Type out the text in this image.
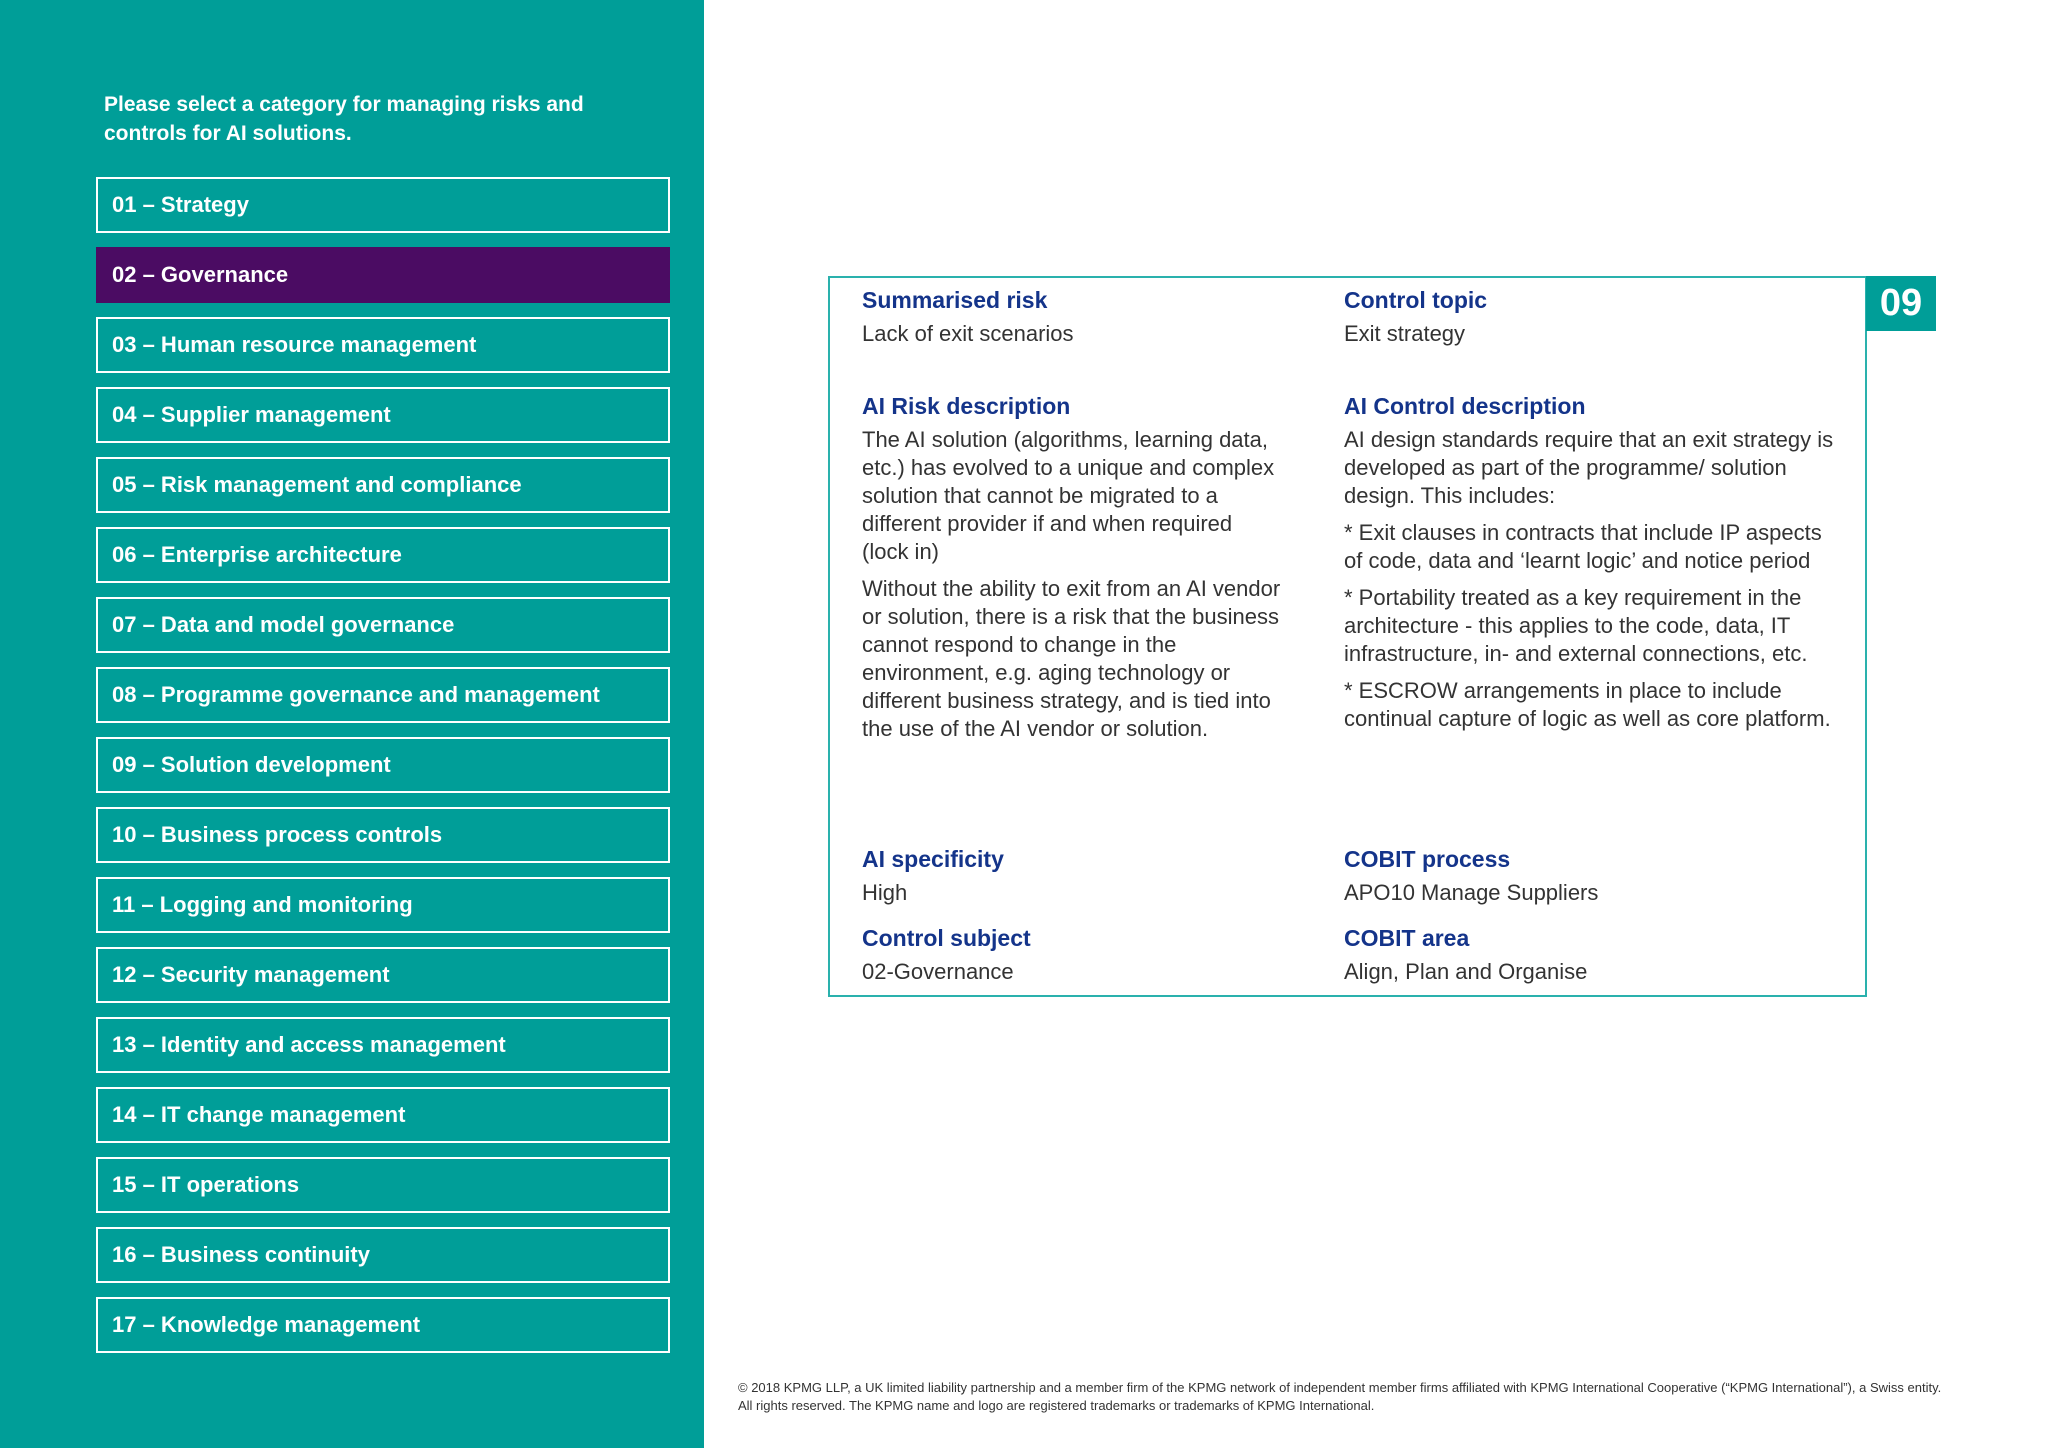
Please select a category for managing risks and controls for AI solutions.
01 – Strategy
02 – Governance
03 – Human resource management
04 – Supplier management
05 – Risk management and compliance
06 – Enterprise architecture
07 – Data and model governance
08 – Programme governance and management
09 – Solution development
10 – Business process controls
11 – Logging and monitoring
12 – Security management
13 – Identity and access management
14 – IT change management
15 – IT operations
16 – Business continuity
17 – Knowledge management
09
Summarised risk
Lack of exit scenarios
AI Risk description

The AI solution (algorithms, learning data, etc.) has evolved to a unique and complex solution that cannot be migrated to a different provider if and when required (lock in)

Without the ability to exit from an AI vendor or solution, there is a risk that the business cannot respond to change in the environment, e.g. aging technology or different business strategy, and is tied into the use of the AI vendor or solution.

AI specificity
High
Control subject
02-Governance
Control topic
Exit strategy
AI Control description

AI design standards require that an exit strategy is developed as part of the programme/ solution design. This includes:

* Exit clauses in contracts that include IP aspects of code, data and ‘learnt logic’ and notice period

* Portability treated as a key requirement in the architecture - this applies to the code, data, IT infrastructure, in- and external connections, etc.

* ESCROW arrangements in place to include continual capture of logic as well as core platform.

COBIT process
APO10 Manage Suppliers
COBIT area
Align, Plan and Organise
© 2018 KPMG LLP, a UK limited liability partnership and a member firm of the KPMG network of independent member firms affiliated with KPMG International Cooperative (“KPMG International”), a Swiss entity. All rights reserved. The KPMG name and logo are registered trademarks or trademarks of KPMG International.
